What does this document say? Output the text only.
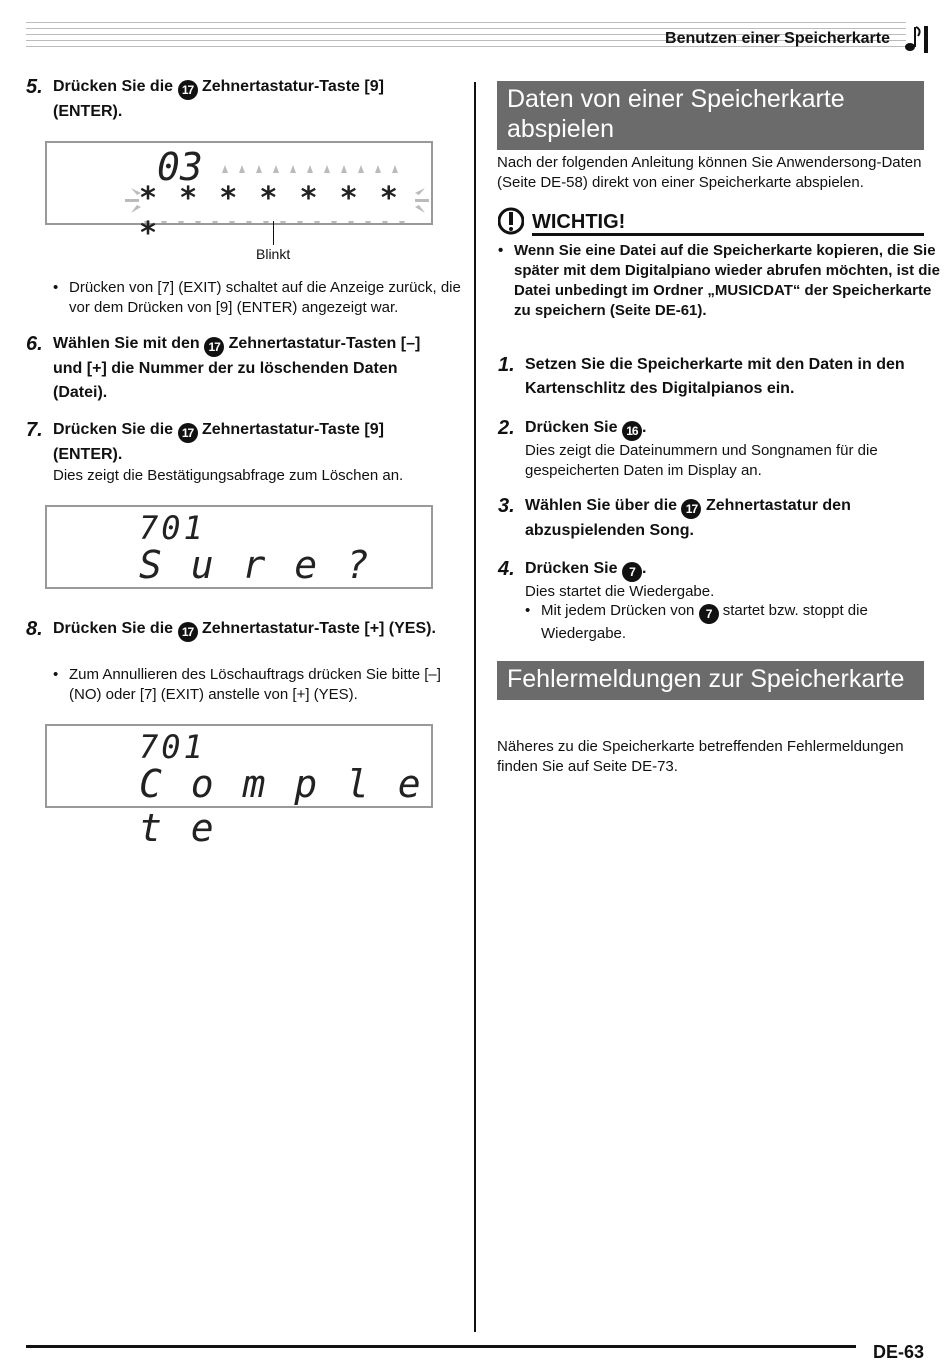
Benutzen einer Speicherkarte
5. Drücken Sie die 17 Zehnertastatur-Taste [9] (ENTER).
03
* * * * * * * *
Blinkt
• Drücken von [7] (EXIT) schaltet auf die Anzeige zurück, die vor dem Drücken von [9] (ENTER) angezeigt war.
6. Wählen Sie mit den 17 Zehnertastatur-Tasten [–] und [+] die Nummer der zu löschenden Daten (Datei).
7. Drücken Sie die 17 Zehnertastatur-Taste [9] (ENTER).
Dies zeigt die Bestätigungsabfrage zum Löschen an.
701
S u r e ?
8. Drücken Sie die 17 Zehnertastatur-Taste [+] (YES).
• Zum Annullieren des Löschauftrags drücken Sie bitte [–] (NO) oder [7] (EXIT) anstelle von [+] (YES).
701
C o m p l e t e
Daten von einer Speicherkarte abspielen
Nach der folgenden Anleitung können Sie Anwendersong-Daten (Seite DE-58) direkt von einer Speicherkarte abspielen.
WICHTIG!
• Wenn Sie eine Datei auf die Speicherkarte kopieren, die Sie später mit dem Digitalpiano wieder abrufen möchten, ist die Datei unbedingt im Ordner „MUSICDAT“ der Speicherkarte zu speichern (Seite DE-61).
1. Setzen Sie die Speicherkarte mit den Daten in den Kartenschlitz des Digitalpianos ein.
2. Drücken Sie 16 .
Dies zeigt die Dateinummern und Songnamen für die gespeicherten Daten im Display an.
3. Wählen Sie über die 17 Zehnertastatur den abzuspielenden Song.
4. Drücken Sie 7 .
Dies startet die Wiedergabe.
• Mit jedem Drücken von 7 startet bzw. stoppt die Wiedergabe.
Fehlermeldungen zur Speicherkarte
Näheres zu die Speicherkarte betreffenden Fehlermeldungen finden Sie auf Seite DE-73.
DE-63
